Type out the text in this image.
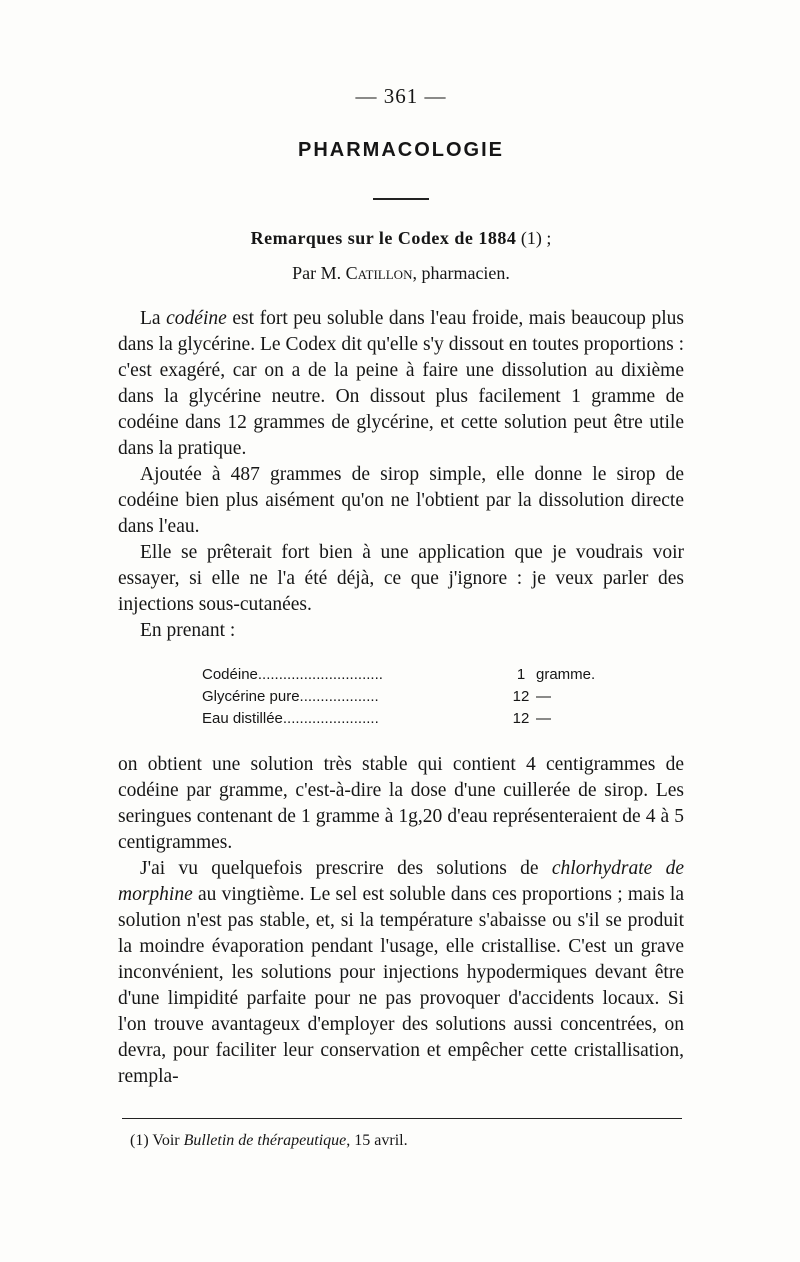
— 361 —
PHARMACOLOGIE
Remarques sur le Codex de 1884 (1) ;
Par M. Catillon, pharmacien.

La codéine est fort peu soluble dans l'eau froide, mais beaucoup plus dans la glycérine. Le Codex dit qu'elle s'y dissout en toutes proportions : c'est exagéré, car on a de la peine à faire une dissolution au dixième dans la glycérine neutre. On dissout plus facilement 1 gramme de codéine dans 12 grammes de glycérine, et cette solution peut être utile dans la pratique.

Ajoutée à 487 grammes de sirop simple, elle donne le sirop de codéine bien plus aisément qu'on ne l'obtient par la dissolution directe dans l'eau.

Elle se prêterait fort bien à une application que je voudrais voir essayer, si elle ne l'a été déjà, ce que j'ignore : je veux parler des injections sous-cutanées.

En prenant :

Codéine..............................	1 gramme.
Glycérine pure...................	12 —
Eau distillée.......................	12 —

on obtient une solution très stable qui contient 4 centigrammes de codéine par gramme, c'est-à-dire la dose d'une cuillerée de sirop. Les seringues contenant de 1 gramme à 1g,20 d'eau représenteraient de 4 à 5 centigrammes.

J'ai vu quelquefois prescrire des solutions de chlorhydrate de morphine au vingtième. Le sel est soluble dans ces proportions ; mais la solution n'est pas stable, et, si la température s'abaisse ou s'il se produit la moindre évaporation pendant l'usage, elle cristallise. C'est un grave inconvénient, les solutions pour injections hypodermiques devant être d'une limpidité parfaite pour ne pas provoquer d'accidents locaux. Si l'on trouve avantageux d'employer des solutions aussi concentrées, on devra, pour faciliter leur conservation et empêcher cette cristallisation, rempla-

(1) Voir Bulletin de thérapeutique, 15 avril.
